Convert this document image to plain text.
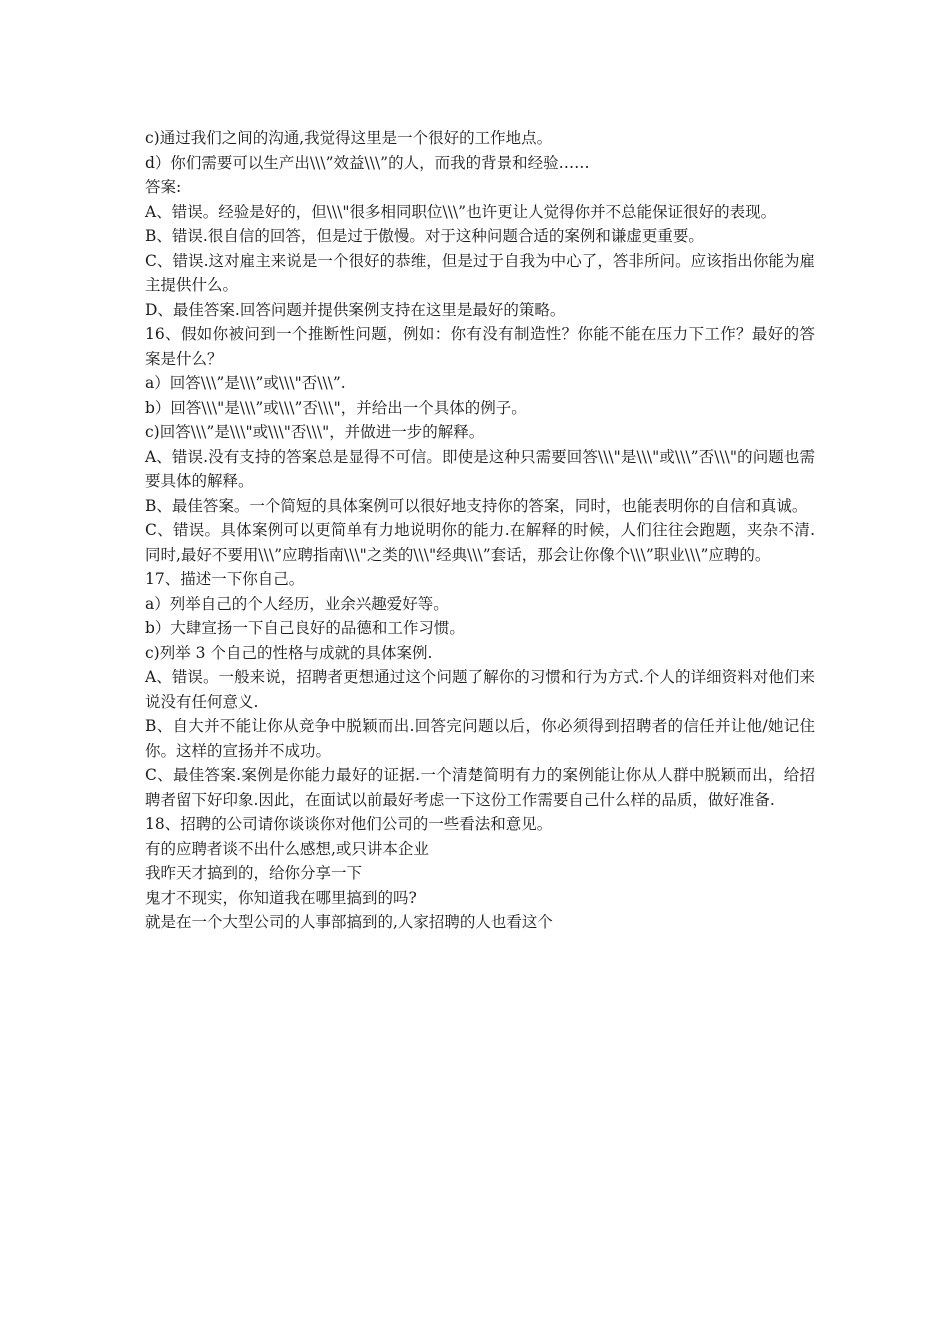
c)通过我们之间的沟通,我觉得这里是一个很好的工作地点。

d）你们需要可以生产出\\\”效益\\\”的人，而我的背景和经验……

答案:

A、错误。经验是好的，但\\\"很多相同职位\\\”也许更让人觉得你并不总能保证很好的表现。

B、错误.很自信的回答，但是过于傲慢。对于这种问题合适的案例和谦虚更重要。

C、错误.这对雇主来说是一个很好的恭维，但是过于自我为中心了，答非所问。应该指出你能为雇主提供什么。

D、最佳答案.回答问题并提供案例支持在这里是最好的策略。

16、假如你被问到一个推断性问题，例如：你有没有制造性？你能不能在压力下工作？最好的答案是什么？

a）回答\\\”是\\\”或\\\"否\\\”.

b）回答\\\"是\\\”或\\\”否\\\"，并给出一个具体的例子。

c)回答\\\”是\\\"或\\\"否\\\"，并做进一步的解释。

A、错误.没有支持的答案总是显得不可信。即使是这种只需要回答\\\"是\\\"或\\\”否\\\"的问题也需要具体的解释。

B、最佳答案。一个简短的具体案例可以很好地支持你的答案，同时，也能表明你的自信和真诚。

C、错误。具体案例可以更简单有力地说明你的能力.在解释的时候，人们往往会跑题，夹杂不清.同时,最好不要用\\\”应聘指南\\\"之类的\\\"经典\\\”套话，那会让你像个\\\”职业\\\”应聘的。

17、描述一下你自己。

a）列举自己的个人经历，业余兴趣爱好等。

b）大肆宣扬一下自己良好的品德和工作习惯。

c)列举 3 个自己的性格与成就的具体案例.

A、错误。一般来说，招聘者更想通过这个问题了解你的习惯和行为方式.个人的详细资料对他们来说没有任何意义.

B、自大并不能让你从竞争中脱颖而出.回答完问题以后，你必须得到招聘者的信任并让他/她记住你。这样的宣扬并不成功。

C、最佳答案.案例是你能力最好的证据.一个清楚简明有力的案例能让你从人群中脱颖而出，给招聘者留下好印象.因此，在面试以前最好考虑一下这份工作需要自己什么样的品质，做好准备.

18、招聘的公司请你谈谈你对他们公司的一些看法和意见。

有的应聘者谈不出什么感想,或只讲本企业

我昨天才搞到的，给你分享一下

鬼才不现实，你知道我在哪里搞到的吗?

就是在一个大型公司的人事部搞到的,人家招聘的人也看这个
